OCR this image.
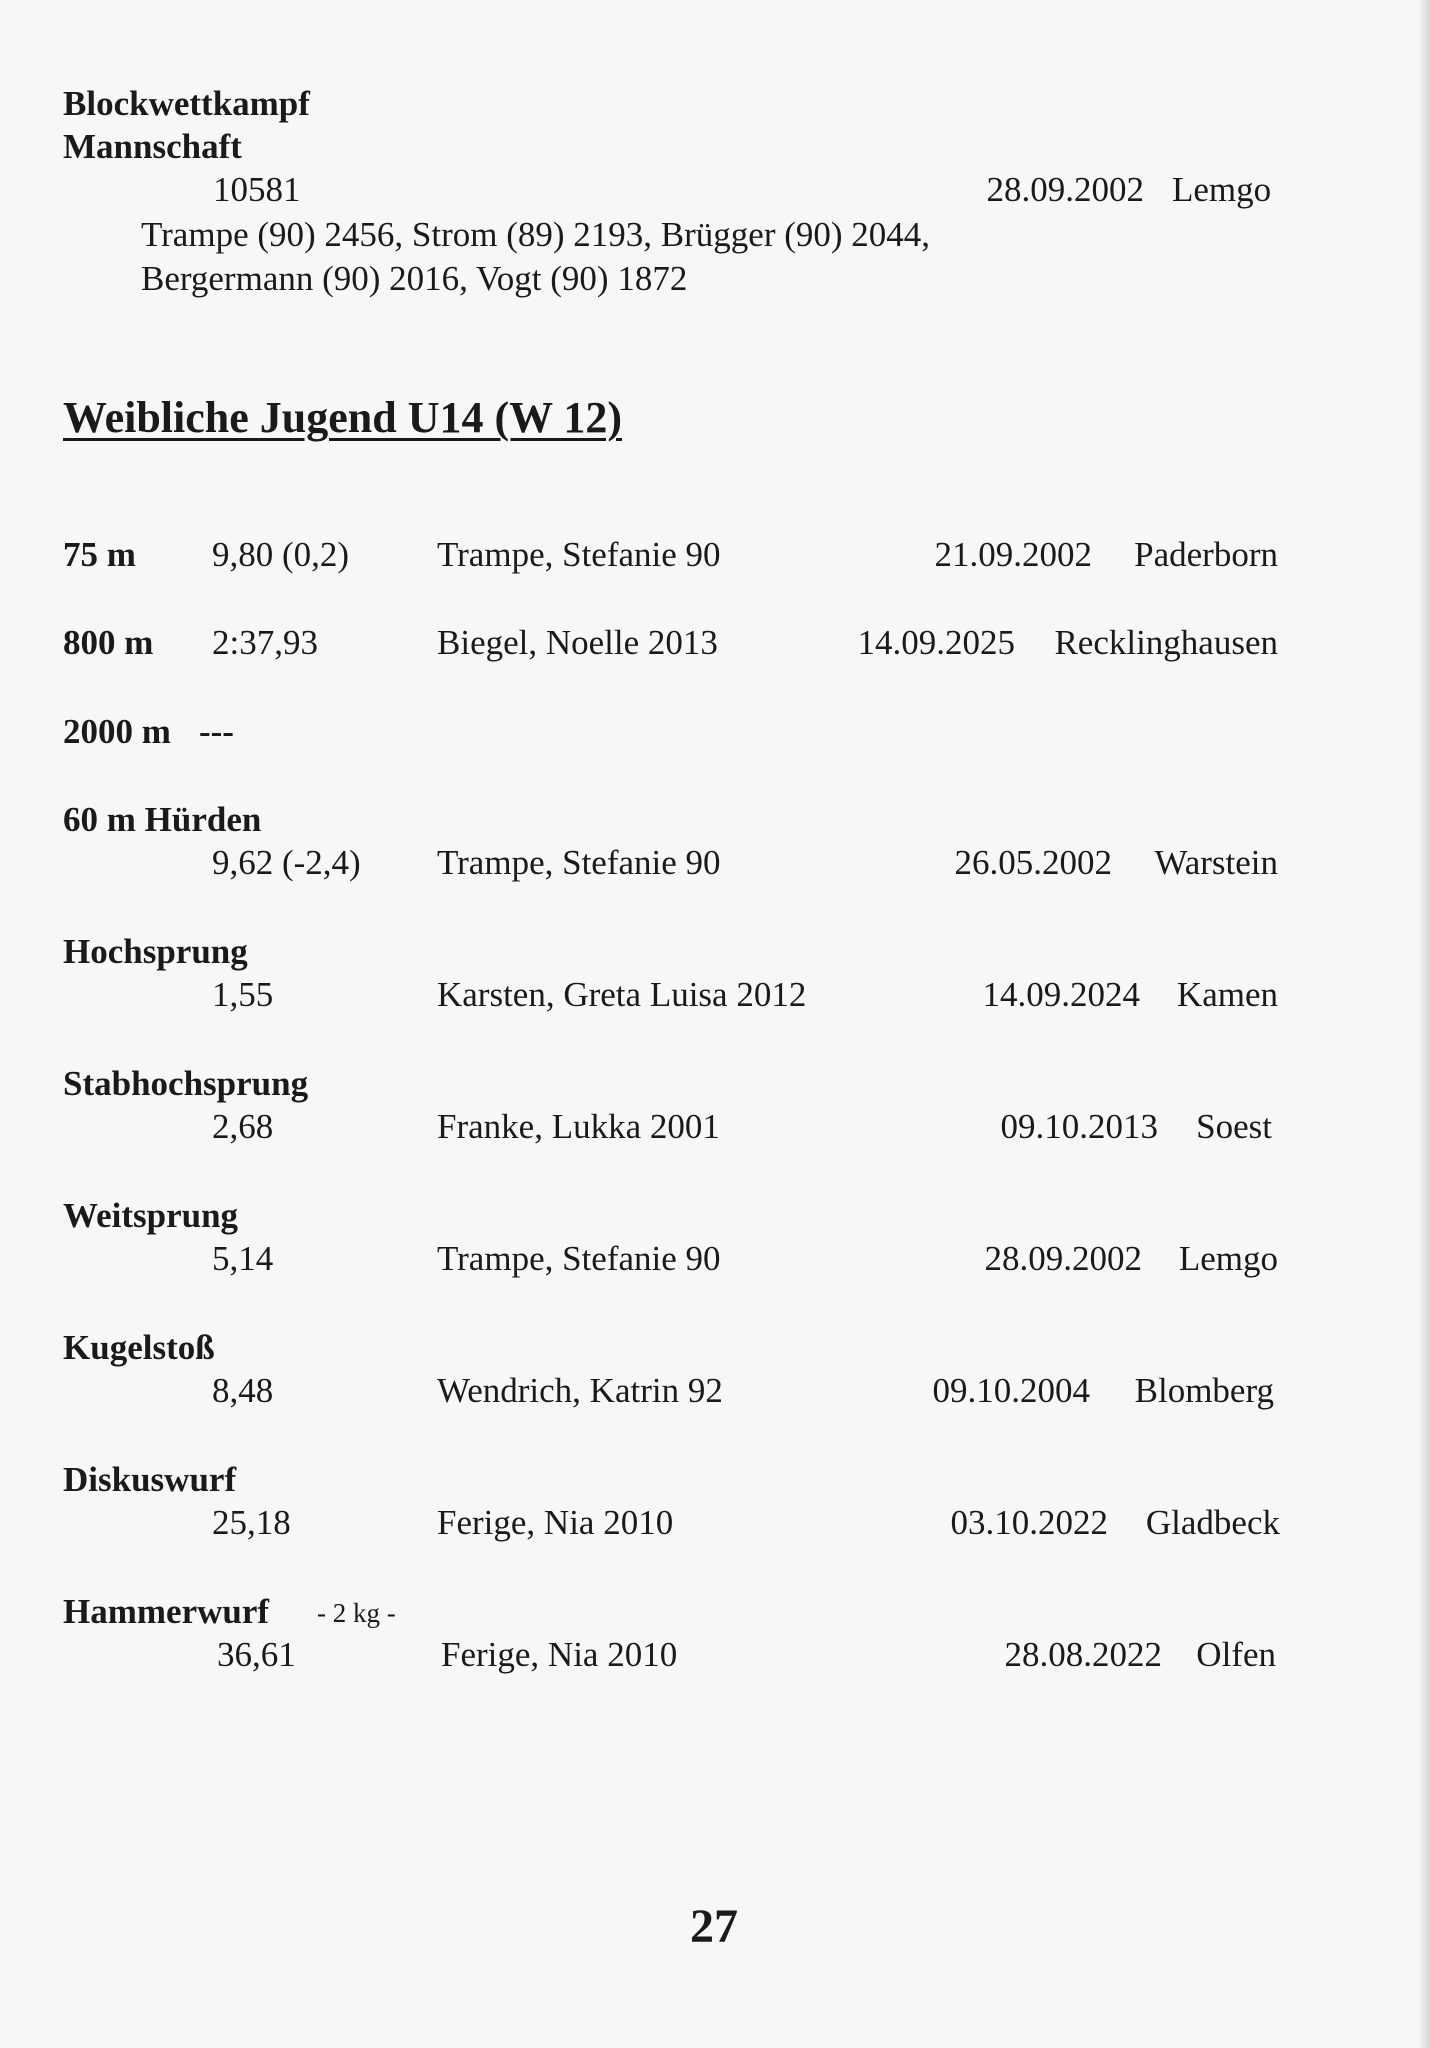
Blockwettkampf
Mannschaft
10581	28.09.2002 Lemgo
Trampe (90) 2456, Strom (89) 2193, Brügger (90) 2044,
Bergermann (90) 2016, Vogt (90) 1872
Weibliche Jugend U14 (W 12)
75 m 9,80 (0,2)	Trampe, Stefanie 90	21.09.2002	Paderborn
800 m 2:37,93	Biegel, Noelle 2013	14.09.2025	Recklinghausen
2000 m ---
60 m Hürden
9,62 (-2,4) Trampe, Stefanie 90	26.05.2002	Warstein
Hochsprung
1,55	Karsten, Greta Luisa 2012	14.09.2024	Kamen
Stabhochsprung
2,68	Franke, Lukka 2001	09.10.2013	Soest
Weitsprung
5,14	Trampe, Stefanie 90	28.09.2002	Lemgo
Kugelstoß
8,48	Wendrich, Katrin 92	09.10.2004	Blomberg
Diskuswurf
25,18	Ferige, Nia 2010	03.10.2022	Gladbeck
Hammerwurf - 2 kg -
36,61	Ferige, Nia 2010	28.08.2022 Olfen
27
